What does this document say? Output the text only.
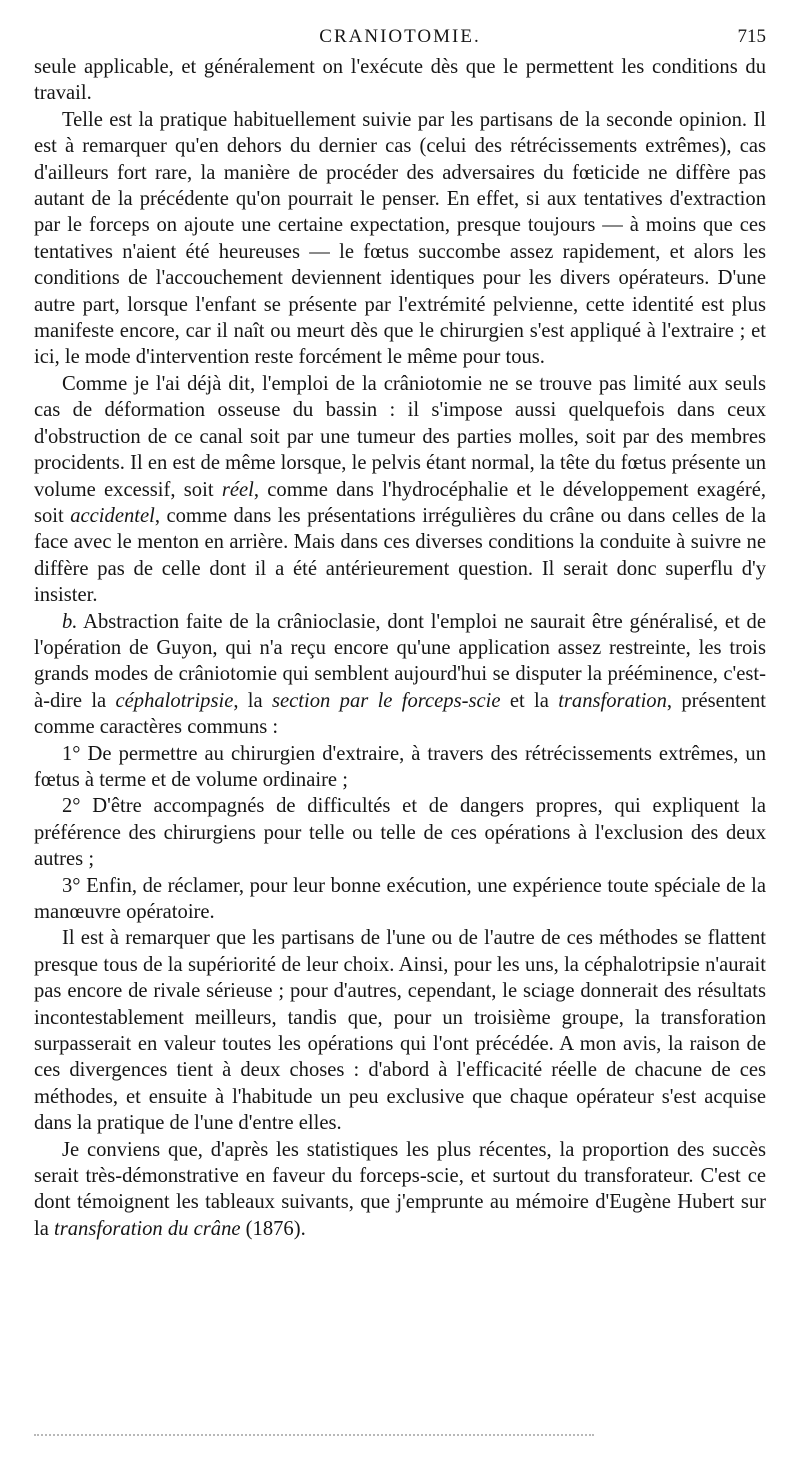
CRANIOTOMIE.	715

seule applicable, et généralement on l'exécute dès que le permettent les conditions du travail.

Telle est la pratique habituellement suivie par les partisans de la seconde opinion. Il est à remarquer qu'en dehors du dernier cas (celui des rétrécissements extrêmes), cas d'ailleurs fort rare, la manière de procéder des adversaires du fœticide ne diffère pas autant de la précédente qu'on pourrait le penser. En effet, si aux tentatives d'extraction par le forceps on ajoute une certaine expectation, presque toujours — à moins que ces tentatives n'aient été heureuses — le fœtus succombe assez rapidement, et alors les conditions de l'accouchement deviennent identiques pour les divers opérateurs. D'une autre part, lorsque l'enfant se présente par l'extrémité pelvienne, cette identité est plus manifeste encore, car il naît ou meurt dès que le chirurgien s'est appliqué à l'extraire ; et ici, le mode d'intervention reste forcément le même pour tous.

Comme je l'ai déjà dit, l'emploi de la crâniotomie ne se trouve pas limité aux seuls cas de déformation osseuse du bassin : il s'impose aussi quelquefois dans ceux d'obstruction de ce canal soit par une tumeur des parties molles, soit par des membres procidents. Il en est de même lorsque, le pelvis étant normal, la tête du fœtus présente un volume excessif, soit réel, comme dans l'hydrocéphalie et le développement exagéré, soit accidentel, comme dans les présentations irrégulières du crâne ou dans celles de la face avec le menton en arrière. Mais dans ces diverses conditions la conduite à suivre ne diffère pas de celle dont il a été antérieurement question. Il serait donc superflu d'y insister.

b. Abstraction faite de la crânioclasie, dont l'emploi ne saurait être généralisé, et de l'opération de Guyon, qui n'a reçu encore qu'une application assez restreinte, les trois grands modes de crâniotomie qui semblent aujourd'hui se disputer la prééminence, c'est-à-dire la céphalotripsie, la section par le forceps-scie et la transforation, présentent comme caractères communs :

1° De permettre au chirurgien d'extraire, à travers des rétrécissements extrêmes, un fœtus à terme et de volume ordinaire ;

2° D'être accompagnés de difficultés et de dangers propres, qui expliquent la préférence des chirurgiens pour telle ou telle de ces opérations à l'exclusion des deux autres ;

3° Enfin, de réclamer, pour leur bonne exécution, une expérience toute spéciale de la manœuvre opératoire.

Il est à remarquer que les partisans de l'une ou de l'autre de ces méthodes se flattent presque tous de la supériorité de leur choix. Ainsi, pour les uns, la céphalotripsie n'aurait pas encore de rivale sérieuse ; pour d'autres, cependant, le sciage donnerait des résultats incontestablement meilleurs, tandis que, pour un troisième groupe, la transforation surpasserait en valeur toutes les opérations qui l'ont précédée. A mon avis, la raison de ces divergences tient à deux choses : d'abord à l'efficacité réelle de chacune de ces méthodes, et ensuite à l'habitude un peu exclusive que chaque opérateur s'est acquise dans la pratique de l'une d'entre elles.

Je conviens que, d'après les statistiques les plus récentes, la proportion des succès serait très-démonstrative en faveur du forceps-scie, et surtout du transforateur. C'est ce dont témoignent les tableaux suivants, que j'emprunte au mémoire d'Eugène Hubert sur la transforation du crâne (1876).
